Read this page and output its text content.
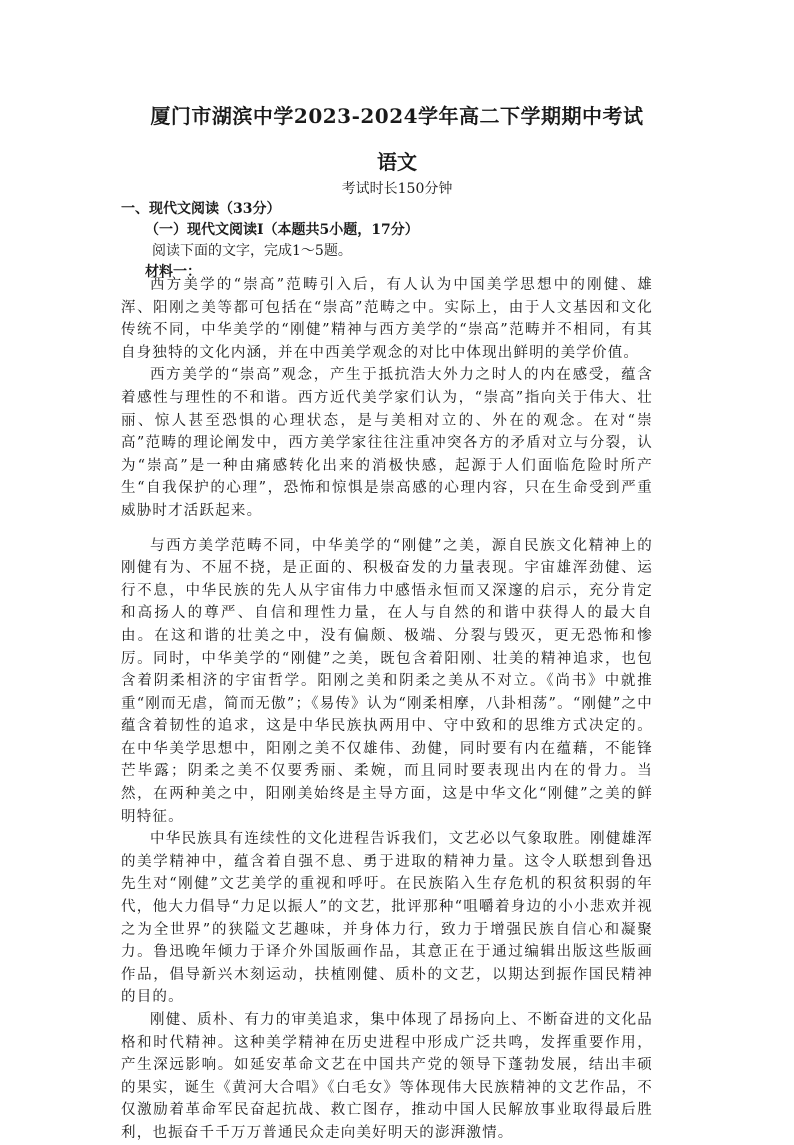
厦门市湖滨中学2023-2024学年高二下学期期中考试
语文
考试时长150分钟
一、现代文阅读（33分）
（一）现代文阅读Ⅰ（本题共5小题，17分）
阅读下面的文字，完成1～5题。
材料一：

西方美学的“崇高”范畴引入后，有人认为中国美学思想中的刚健、雄浑、阳刚之美等都可包括在“崇高”范畴之中。实际上，由于人文基因和文化传统不同，中华美学的“刚健”精神与西方美学的“崇高”范畴并不相同，有其自身独特的文化内涵，并在中西美学观念的对比中体现出鲜明的美学价值。

西方美学的“崇高”观念，产生于抵抗浩大外力之时人的内在感受，蕴含着感性与理性的不和谐。西方近代美学家们认为，“崇高”指向关于伟大、壮丽、惊人甚至恐惧的心理状态，是与美相对立的、外在的观念。在对“崇高”范畴的理论阐发中，西方美学家往往注重冲突各方的矛盾对立与分裂，认为“崇高”是一种由痛感转化出来的消极快感，起源于人们面临危险时所产生“自我保护的心理”，恐怖和惊惧是崇高感的心理内容，只在生命受到严重威胁时才活跃起来。

与西方美学范畴不同，中华美学的“刚健”之美，源自民族文化精神上的刚健有为、不屈不挠，是正面的、积极奋发的力量表现。宇宙雄浑劲健、运行不息，中华民族的先人从宇宙伟力中感悟永恒而又深邃的启示，充分肯定和高扬人的尊严、自信和理性力量，在人与自然的和谐中获得人的最大自由。在这和谐的壮美之中，没有偏颇、极端、分裂与毁灭，更无恐怖和惨厉。同时，中华美学的“刚健”之美，既包含着阳刚、壮美的精神追求，也包含着阴柔相济的宇宙哲学。阳刚之美和阴柔之美从不对立。《尚书》中就推重“刚而无虐，简而无傲”；《易传》认为“刚柔相摩，八卦相荡”。“刚健”之中蕴含着韧性的追求，这是中华民族执两用中、守中致和的思维方式决定的。在中华美学思想中，阳刚之美不仅雄伟、劲健，同时要有内在蕴藉，不能锋芒毕露；阴柔之美不仅要秀丽、柔婉，而且同时要表现出内在的骨力。当然，在两种美之中，阳刚美始终是主导方面，这是中华文化“刚健”之美的鲜明特征。

中华民族具有连续性的文化进程告诉我们，文艺必以气象取胜。刚健雄浑的美学精神中，蕴含着自强不息、勇于进取的精神力量。这令人联想到鲁迅先生对“刚健”文艺美学的重视和呼吁。在民族陷入生存危机的积贫积弱的年代，他大力倡导“力足以振人”的文艺，批评那种“咀嚼着身边的小小悲欢并视之为全世界”的狭隘文艺趣味，并身体力行，致力于增强民族自信心和凝聚力。鲁迅晚年倾力于译介外国版画作品，其意正在于通过编辑出版这些版画作品，倡导新兴木刻运动，扶植刚健、质朴的文艺，以期达到振作国民精神的目的。

刚健、质朴、有力的审美追求，集中体现了昂扬向上、不断奋进的文化品格和时代精神。这种美学精神在历史进程中形成广泛共鸣，发挥重要作用，产生深远影响。如延安革命文艺在中国共产党的领导下蓬勃发展，结出丰硕的果实，诞生《黄河大合唱》《白毛女》等体现伟大民族精神的文艺作品，不仅激励着革命军民奋起抗战、救亡图存，推动中国人民解放事业取得最后胜利，也振奋千千万万普通民众走向美好明天的澎湃激情。
